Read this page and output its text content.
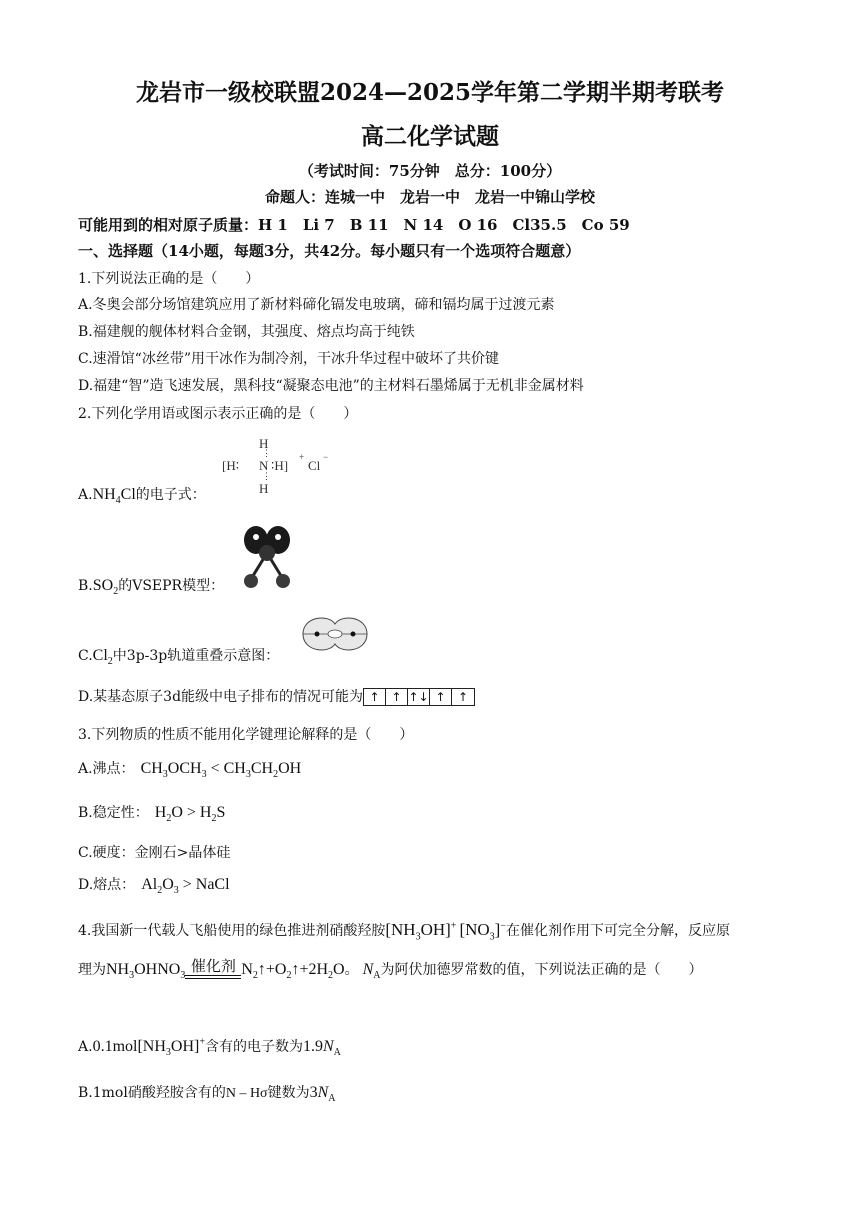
龙岩市一级校联盟2024—2025学年第二学期半期考联考
高二化学试题
（考试时间：75分钟　总分：100分）
命题人：连城一中　龙岩一中　龙岩一中锦山学校
可能用到的相对原子质量：H 1　Li 7　B 11　N 14　O 16　Cl35.5　Co 59
一、选择题（14小题，每题3分，共42分。每小题只有一个选项符合题意）
1.下列说法正确的是（　　）
A.冬奥会部分场馆建筑应用了新材料碲化镉发电玻璃，碲和镉均属于过渡元素
B.福建舰的舰体材料合金钢，其强度、熔点均高于纯铁
C.速滑馆“冰丝带”用干冰作为制冷剂，干冰升华过程中破坏了共价键
D.福建“智”造飞速发展，黑科技“凝聚态电池”的主材料石墨烯属于无机非金属材料
2.下列化学用语或图示表示正确的是（　　）
H
⋮
[H∶ N ∶H]
+
Cl
−
⋮
H
$A.NH_4Cl$的电子式：
$B.SO_2$的VSEPR模型：
$C.Cl_2$中3p-3p轨道重叠示意图：
D.某基态原子3d能级中电子排布的情况可能为 ↑ ↑ ↑↓ ↑	↑
3.下列物质的性质不能用化学键理论解释的是（　　）
A.沸点： $CH_3OCH_3 < CH_3CH_2OH$
B.稳定性： $H_2O > H_2S$
C.硬度：金刚石>晶体硅
D.熔点： $Al_2O_3$ > NaCl
4.我国新一代载人飞船使用的绿色推进剂硝酸羟胺$[NH_3OH]^+$ $[NO_3]^-$在催化剂作用下可完全分解，反应原
理为$NH_3OHNO_3$
催化剂 $N_2↑+O_2↑+2H_2O$。 $N_A$为阿伏加德罗常数的值，下列说法正确的是（　　）
$A.0.1mol[NH_3OH]^+$含有的电子数为$1.9N_A$
B.1mol硝酸羟胺含有的N – Hσ键数为$3N_A$
